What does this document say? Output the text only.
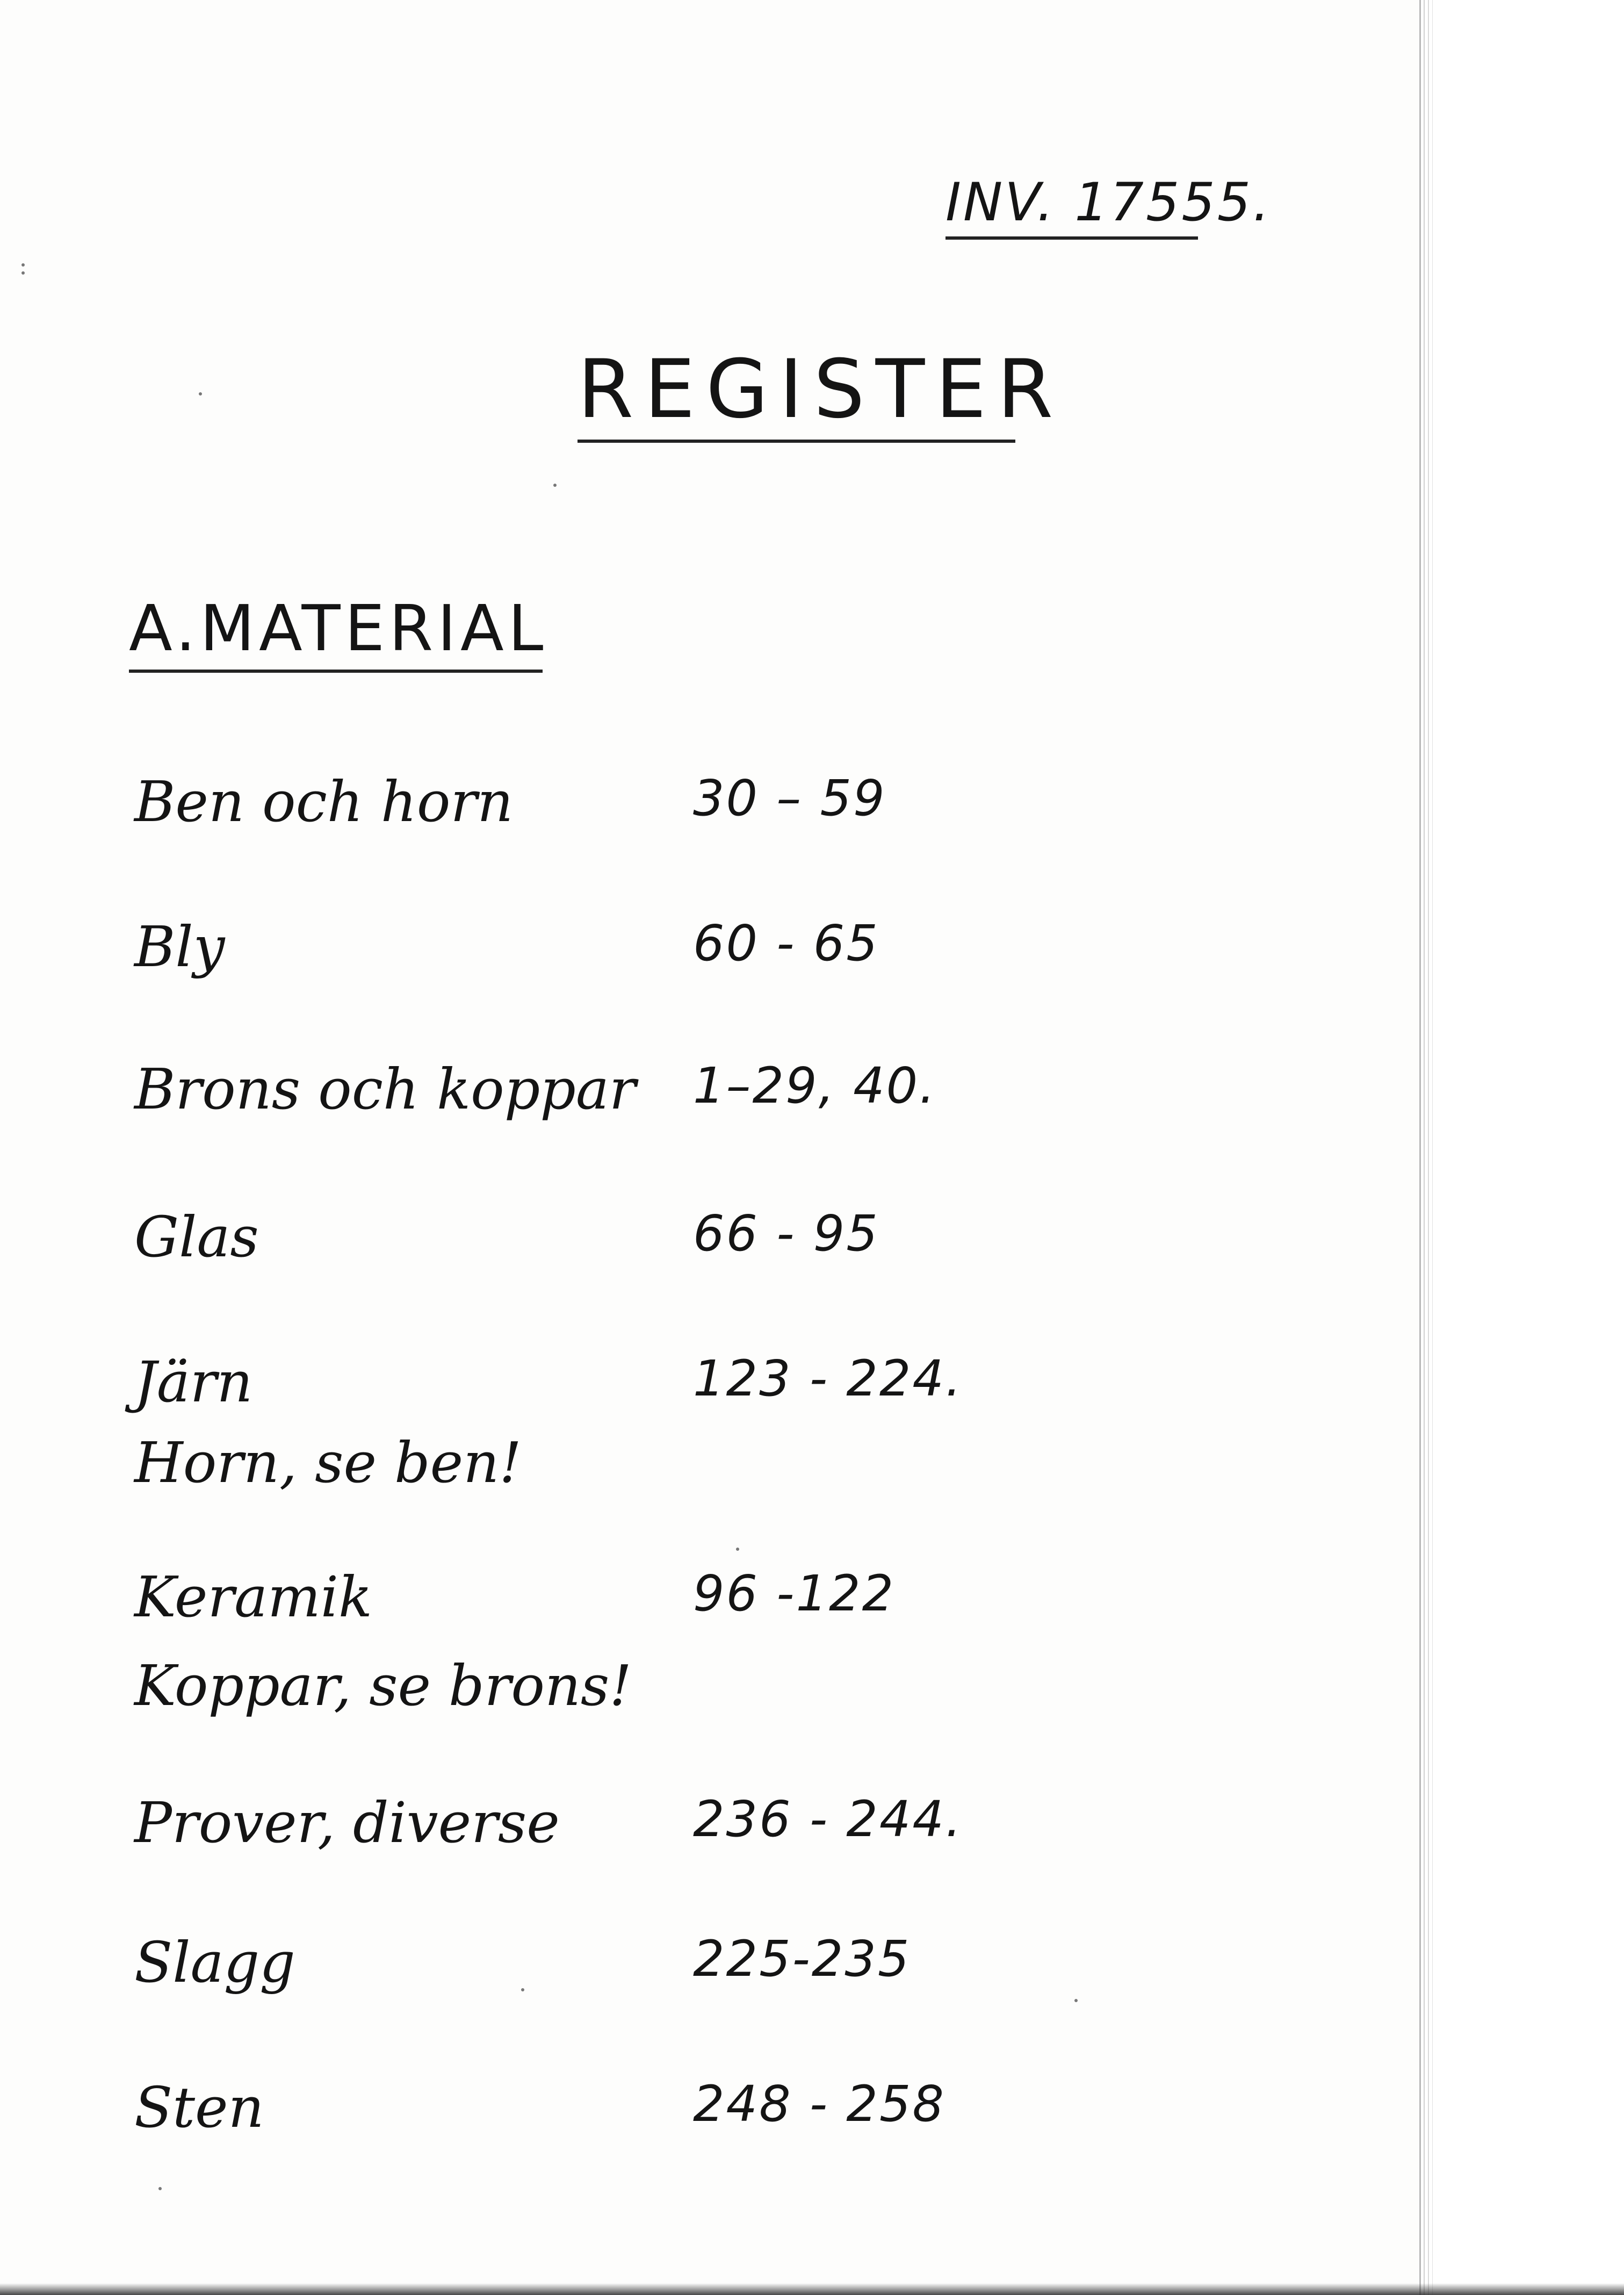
INV. 17555.
REGISTER
A.MATERIAL
Ben och horn	30 – 59
Bly	60 - 65
Brons och koppar 1–29, 40.
Glas	66 - 95
Järn	123 - 224.
Horn, se ben!
Keramik	96 -122
Koppar, se brons!
Prover, diverse	236 - 244.
Slagg	225-235
Sten	248 - 258
